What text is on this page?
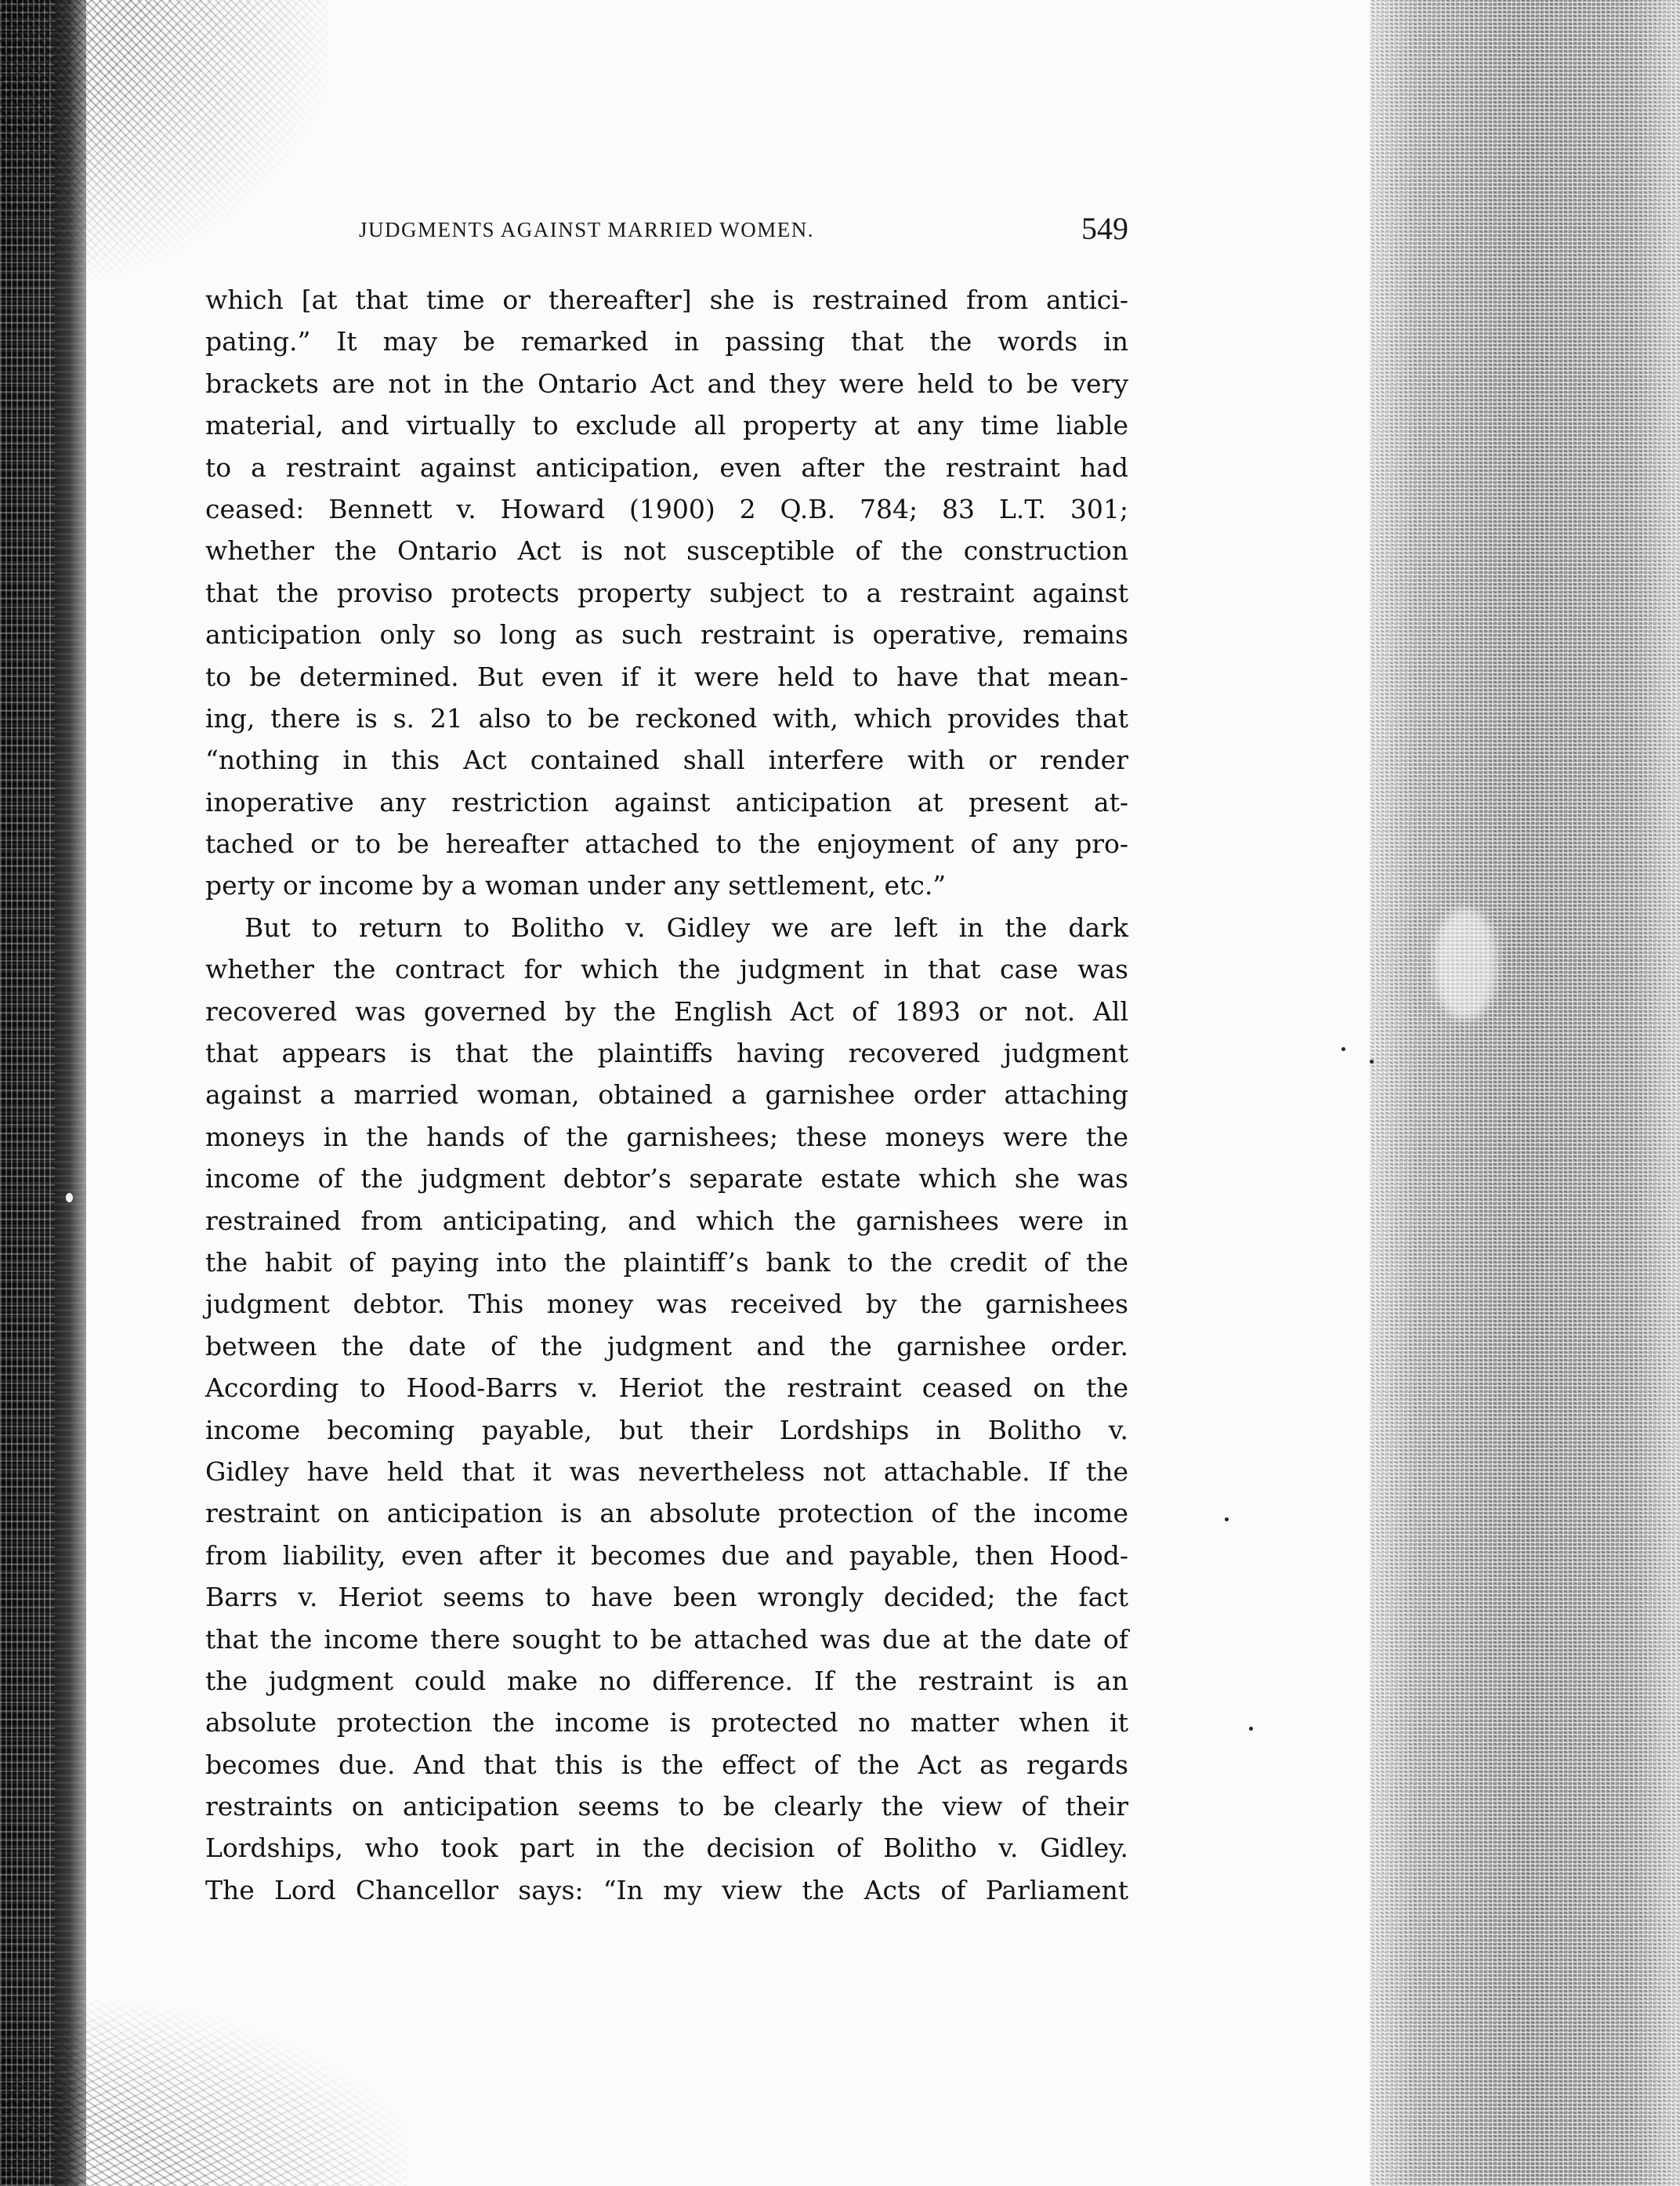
JUDGMENTS AGAINST MARRIED WOMEN.	549

which [at that time or thereafter] she is restrained from antici-
pating.” It may be remarked in passing that the words in
brackets are not in the Ontario Act and they were held to be very
material, and virtually to exclude all property at any time liable
to a restraint against anticipation, even after the restraint had
ceased: Bennett v. Howard (1900) 2 Q.B. 784; 83 L.T. 301;
whether the Ontario Act is not susceptible of the construction
that the proviso protects property subject to a restraint against
anticipation only so long as such restraint is operative, remains
to be determined. But even if it were held to have that mean-
ing, there is s. 21 also to be reckoned with, which provides that
“nothing in this Act contained shall interfere with or render
inoperative any restriction against anticipation at present at-
tached or to be hereafter attached to the enjoyment of any pro-
perty or income by a woman under any settlement, etc.”

But to return to Bolitho v. Gidley we are left in the dark
whether the contract for which the judgment in that case was
recovered was governed by the English Act of 1893 or not. All
that appears is that the plaintiffs having recovered judgment
against a married woman, obtained a garnishee order attaching
moneys in the hands of the garnishees; these moneys were the
income of the judgment debtor’s separate estate which she was
restrained from anticipating, and which the garnishees were in
the habit of paying into the plaintiff’s bank to the credit of the
judgment debtor. This money was received by the garnishees
between the date of the judgment and the garnishee order.
According to Hood-Barrs v. Heriot the restraint ceased on the
income becoming payable, but their Lordships in Bolitho v.
Gidley have held that it was nevertheless not attachable. If the
restraint on anticipation is an absolute protection of the income
from liability, even after it becomes due and payable, then Hood-
Barrs v. Heriot seems to have been wrongly decided; the fact
that the income there sought to be attached was due at the date of
the judgment could make no difference. If the restraint is an
absolute protection the income is protected no matter when it
becomes due. And that this is the effect of the Act as regards
restraints on anticipation seems to be clearly the view of their
Lordships, who took part in the decision of Bolitho v. Gidley.
The Lord Chancellor says: “In my view the Acts of Parliament
